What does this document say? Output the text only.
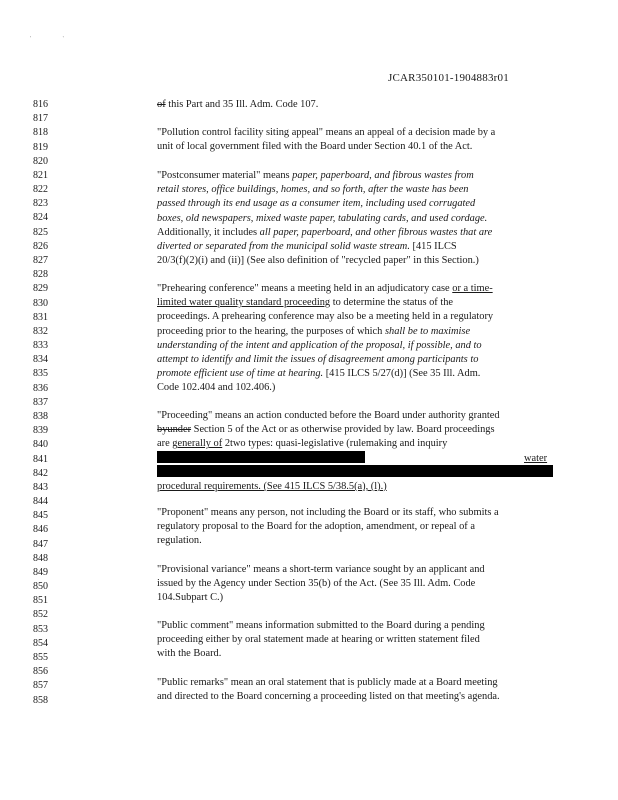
'	'
JCAR350101-1904883r01
816
817
818
819
820
821
822
823
824
825
826
827
828
829
830
831
832
833
834
835
836
837
838
839
840
841
842
843
844
845
846
847
848
849
850
851
852
853
854
855
856
857
858
of this Part and 35 Ill. Adm. Code 107.
"Pollution control facility siting appeal" means an appeal of a decision made by a
unit of local government filed with the Board under Section 40.1 of the Act.
"Postconsumer material" means paper, paperboard, and fibrous wastes from
retail stores, office buildings, homes, and so forth, after the waste has been
passed through its end usage as a consumer item, including used corrugated
boxes, old newspapers, mixed waste paper, tabulating cards, and used cordage.
Additionally, it includes all paper, paperboard, and other fibrous wastes that are
diverted or separated from the municipal solid waste stream. [415 ILCS
20/3(f)(2)(i) and (ii)] (See also definition of "recycled paper" in this Section.)
"Prehearing conference" means a meeting held in an adjudicatory case or a time-
limited water quality standard proceeding to determine the status of the
proceedings. A prehearing conference may also be a meeting held in a regulatory
proceeding prior to the hearing, the purposes of which shall be to maximise
understanding of the intent and application of the proposal, if possible, and to
attempt to identify and limit the issues of disagreement among participants to
promote efficient use of time at hearing. [415 ILCS 5/27(d)] (See 35 Ill. Adm.
Code 102.404 and 102.406.)
"Proceeding" means an action conducted before the Board under authority granted
byunder Section 5 of the Act or as otherwise provided by law. Board proceedings
are generally of 2two types: quasi-legislative (rulemaking and inquiry
water
procedural requirements. (See 415 ILCS 5/38.5(a), (l).)
"Proponent" means any person, not including the Board or its staff, who submits a
regulatory proposal to the Board for the adoption, amendment, or repeal of a
regulation.
"Provisional variance" means a short-term variance sought by an applicant and
issued by the Agency under Section 35(b) of the Act. (See 35 Ill. Adm. Code
104.Subpart C.)
"Public comment" means information submitted to the Board during a pending
proceeding either by oral statement made at hearing or written statement filed
with the Board.
"Public remarks" mean an oral statement that is publicly made at a Board meeting
and directed to the Board concerning a proceeding listed on that meeting's agenda.
